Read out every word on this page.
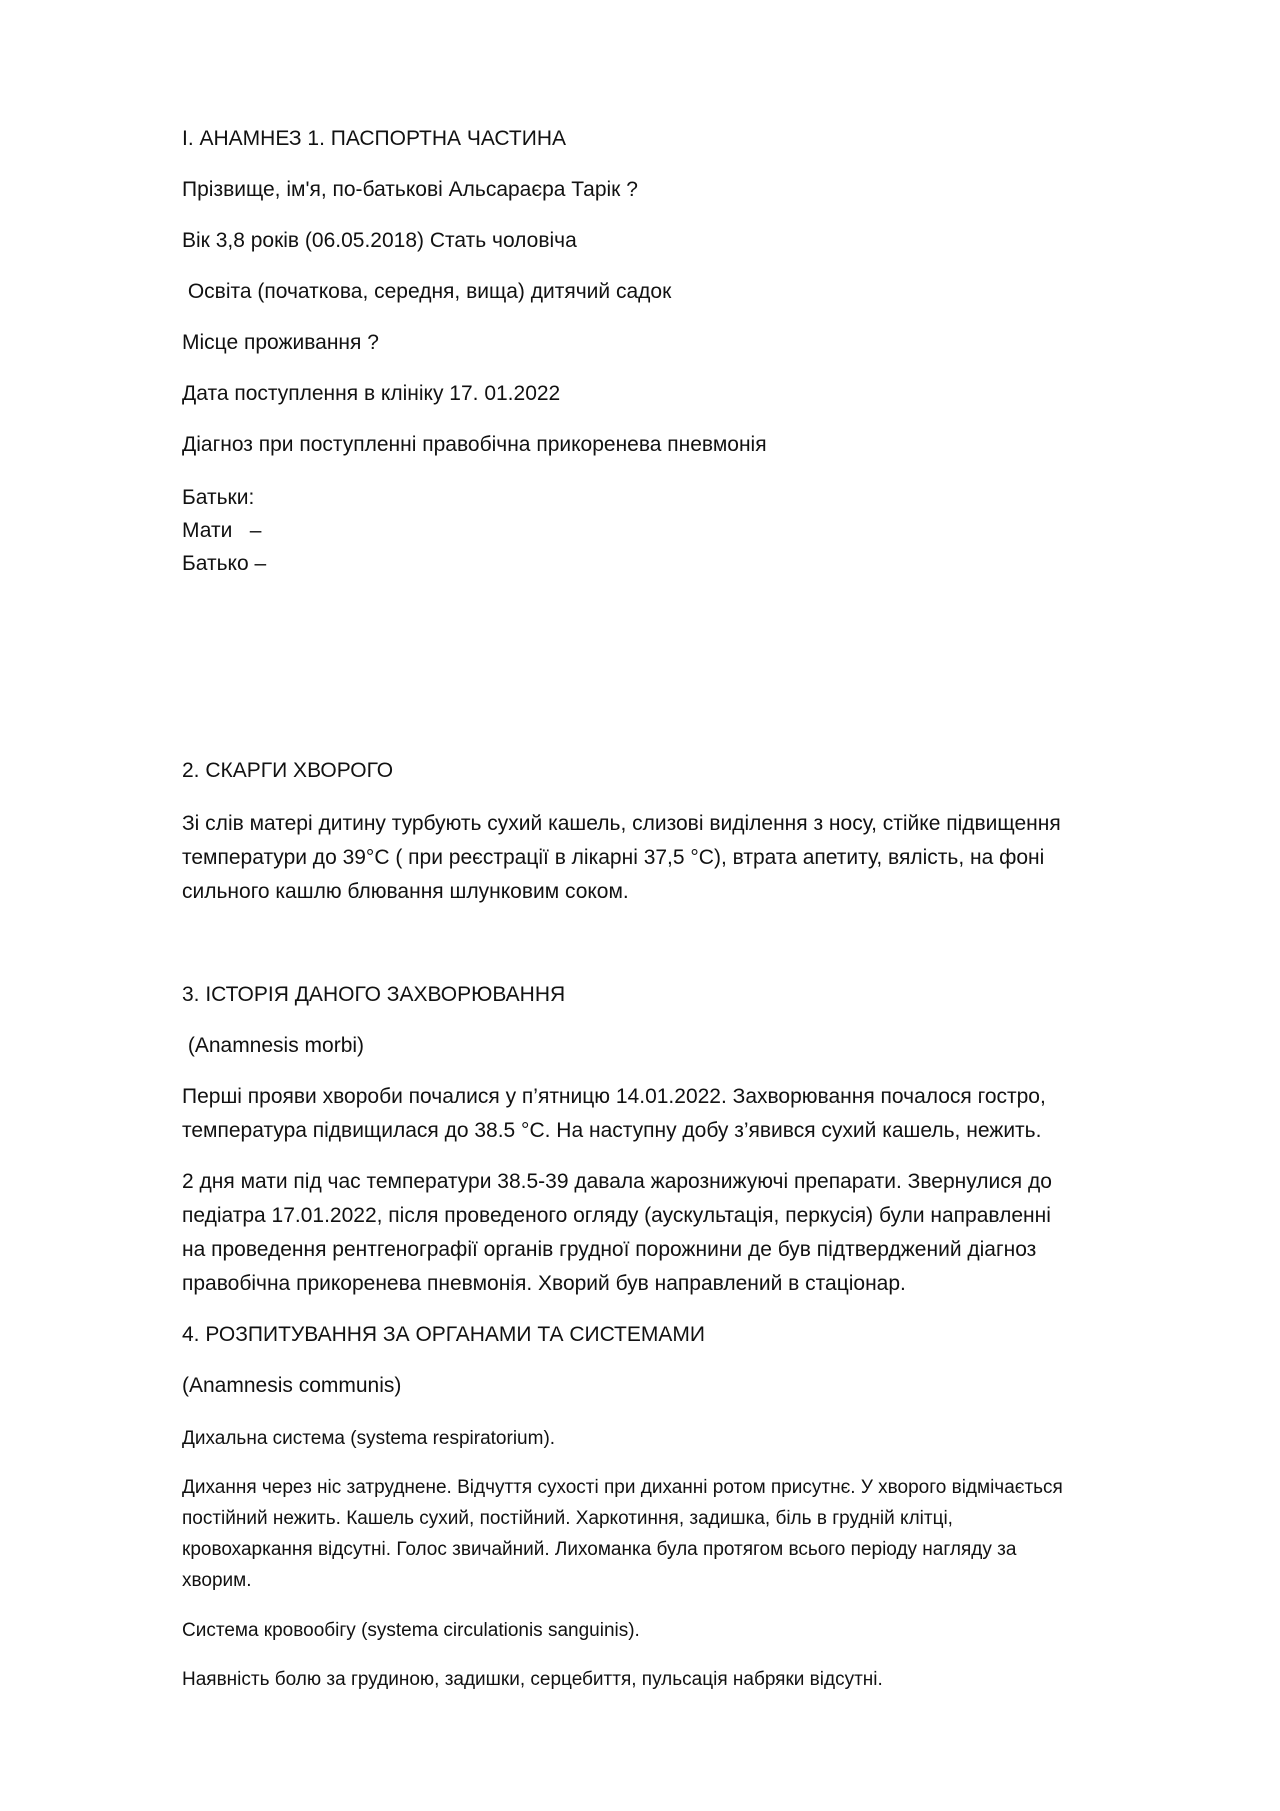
І. АНАМНЕЗ 1. ПАСПОРТНА ЧАСТИНА

Прізвище, ім'я, по-батькові Альсараєра Тарік ?

Вік 3,8 років (06.05.2018) Стать чоловіча

Освіта (початкова, середня, вища) дитячий садок

Місце проживання ?

Дата поступлення в клініку 17. 01.2022

Діагноз при поступленні правобічна прикоренева пневмонія

Батьки:

Мати   –

Батько –

2. СКАРГИ ХВОРОГО

Зі слів матері дитину турбують сухий кашель, слизові виділення з носу, стійке підвищення
температури до 39°С ( при реєстрації в лікарні 37,5 °С), втрата апетиту, вялість, на фоні
сильного кашлю блювання шлунковим соком.

3. ІСТОРІЯ ДАНОГО ЗАХВОРЮВАННЯ

(Anamnesis morbi)

Перші прояви хвороби почалися у п’ятницю 14.01.2022. Захворювання почалося гостро,
температура підвищилася до 38.5 °С. На наступну добу з’явився сухий кашель, нежить.
2 дня мати під час температури 38.5-39 давала жарознижуючі препарати. Звернулися до
педіатра 17.01.2022, після проведеного огляду (аускультація, перкусія) були направленні
на проведення рентгенографії органів грудної порожнини де був підтверджений діагноз
правобічна прикоренева пневмонія. Хворий був направлений в стаціонар.

4. РОЗПИТУВАННЯ ЗА ОРГАНАМИ ТА СИСТЕМАМИ

(Anamnesis communis)

Дихальна система (systema respiratorium).

Дихання через ніс затруднене. Відчуття сухості при диханні ротом присутнє. У хворого відмічається
постійний нежить. Кашель сухий, постійний. Харкотиння, задишка, біль в грудній клітці,
кровохаркання відсутні. Голос звичайний. Лихоманка була протягом всього періоду нагляду за
хворим.

Система кровообігу (systema circulationis sanguinis).

Наявність болю за грудиною, задишки, серцебиття, пульсація набряки відсутні.
